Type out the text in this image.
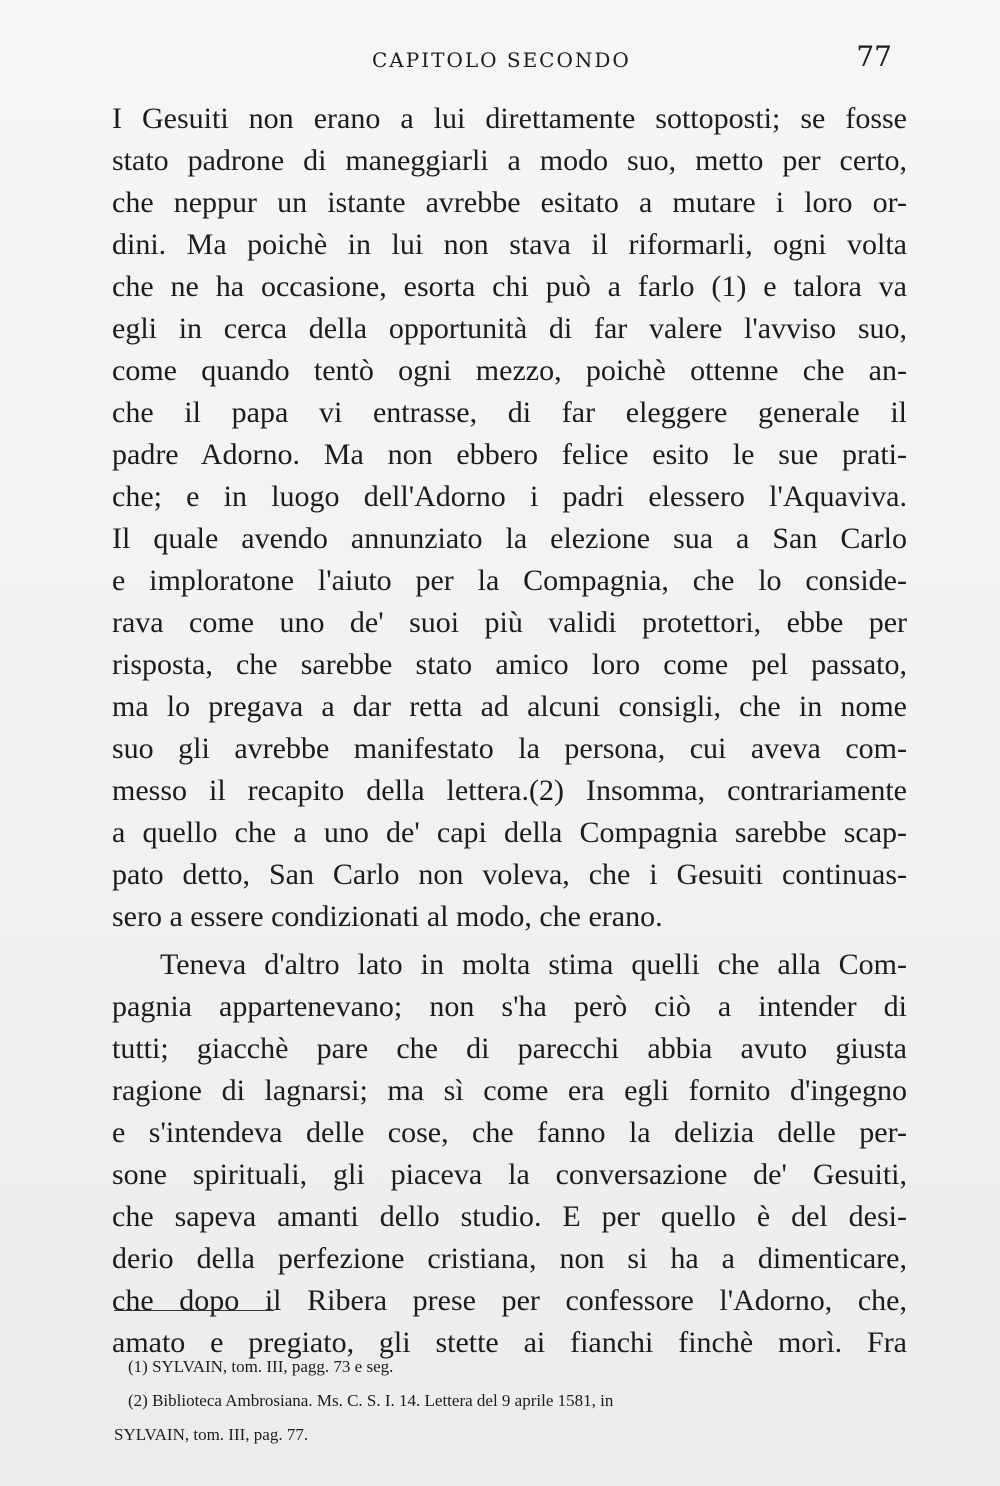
CAPITOLO SECONDO	77
I Gesuiti non erano a lui direttamente sottoposti; se fosse
stato padrone di maneggiarli a modo suo, metto per certo,
che neppur un istante avrebbe esitato a mutare i loro or-
dini. Ma poichè in lui non stava il riformarli, ogni volta
che ne ha occasione, esorta chi può a farlo (1) e talora va
egli in cerca della opportunità di far valere l'avviso suo,
come quando tentò ogni mezzo, poichè ottenne che an-
che il papa vi entrasse, di far eleggere generale il
padre Adorno. Ma non ebbero felice esito le sue prati-
che; e in luogo dell'Adorno i padri elessero l'Aquaviva.
Il quale avendo annunziato la elezione sua a San Carlo
e imploratone l'aiuto per la Compagnia, che lo conside-
rava come uno de' suoi più validi protettori, ebbe per
risposta, che sarebbe stato amico loro come pel passato,
ma lo pregava a dar retta ad alcuni consigli, che in nome
suo gli avrebbe manifestato la persona, cui aveva com-
messo il recapito della lettera.(2) Insomma, contrariamente
a quello che a uno de' capi della Compagnia sarebbe scap-
pato detto, San Carlo non voleva, che i Gesuiti continuas-
sero a essere condizionati al modo, che erano.
Teneva d'altro lato in molta stima quelli che alla Com-
pagnia appartenevano; non s'ha però ciò a intender di
tutti; giacchè pare che di parecchi abbia avuto giusta
ragione di lagnarsi; ma sì come era egli fornito d'ingegno
e s'intendeva delle cose, che fanno la delizia delle per-
sone spirituali, gli piaceva la conversazione de' Gesuiti,
che sapeva amanti dello studio. E per quello è del desi-
derio della perfezione cristiana, non si ha a dimenticare,
che dopo il Ribera prese per confessore l'Adorno, che,
amato e pregiato, gli stette ai fianchi finchè morì. Fra
(1) SYLVAIN, tom. III, pagg. 73 e seg.
(2) Biblioteca Ambrosiana. Ms. C. S. I. 14. Lettera del 9 aprile 1581, in
SYLVAIN, tom. III, pag. 77.
